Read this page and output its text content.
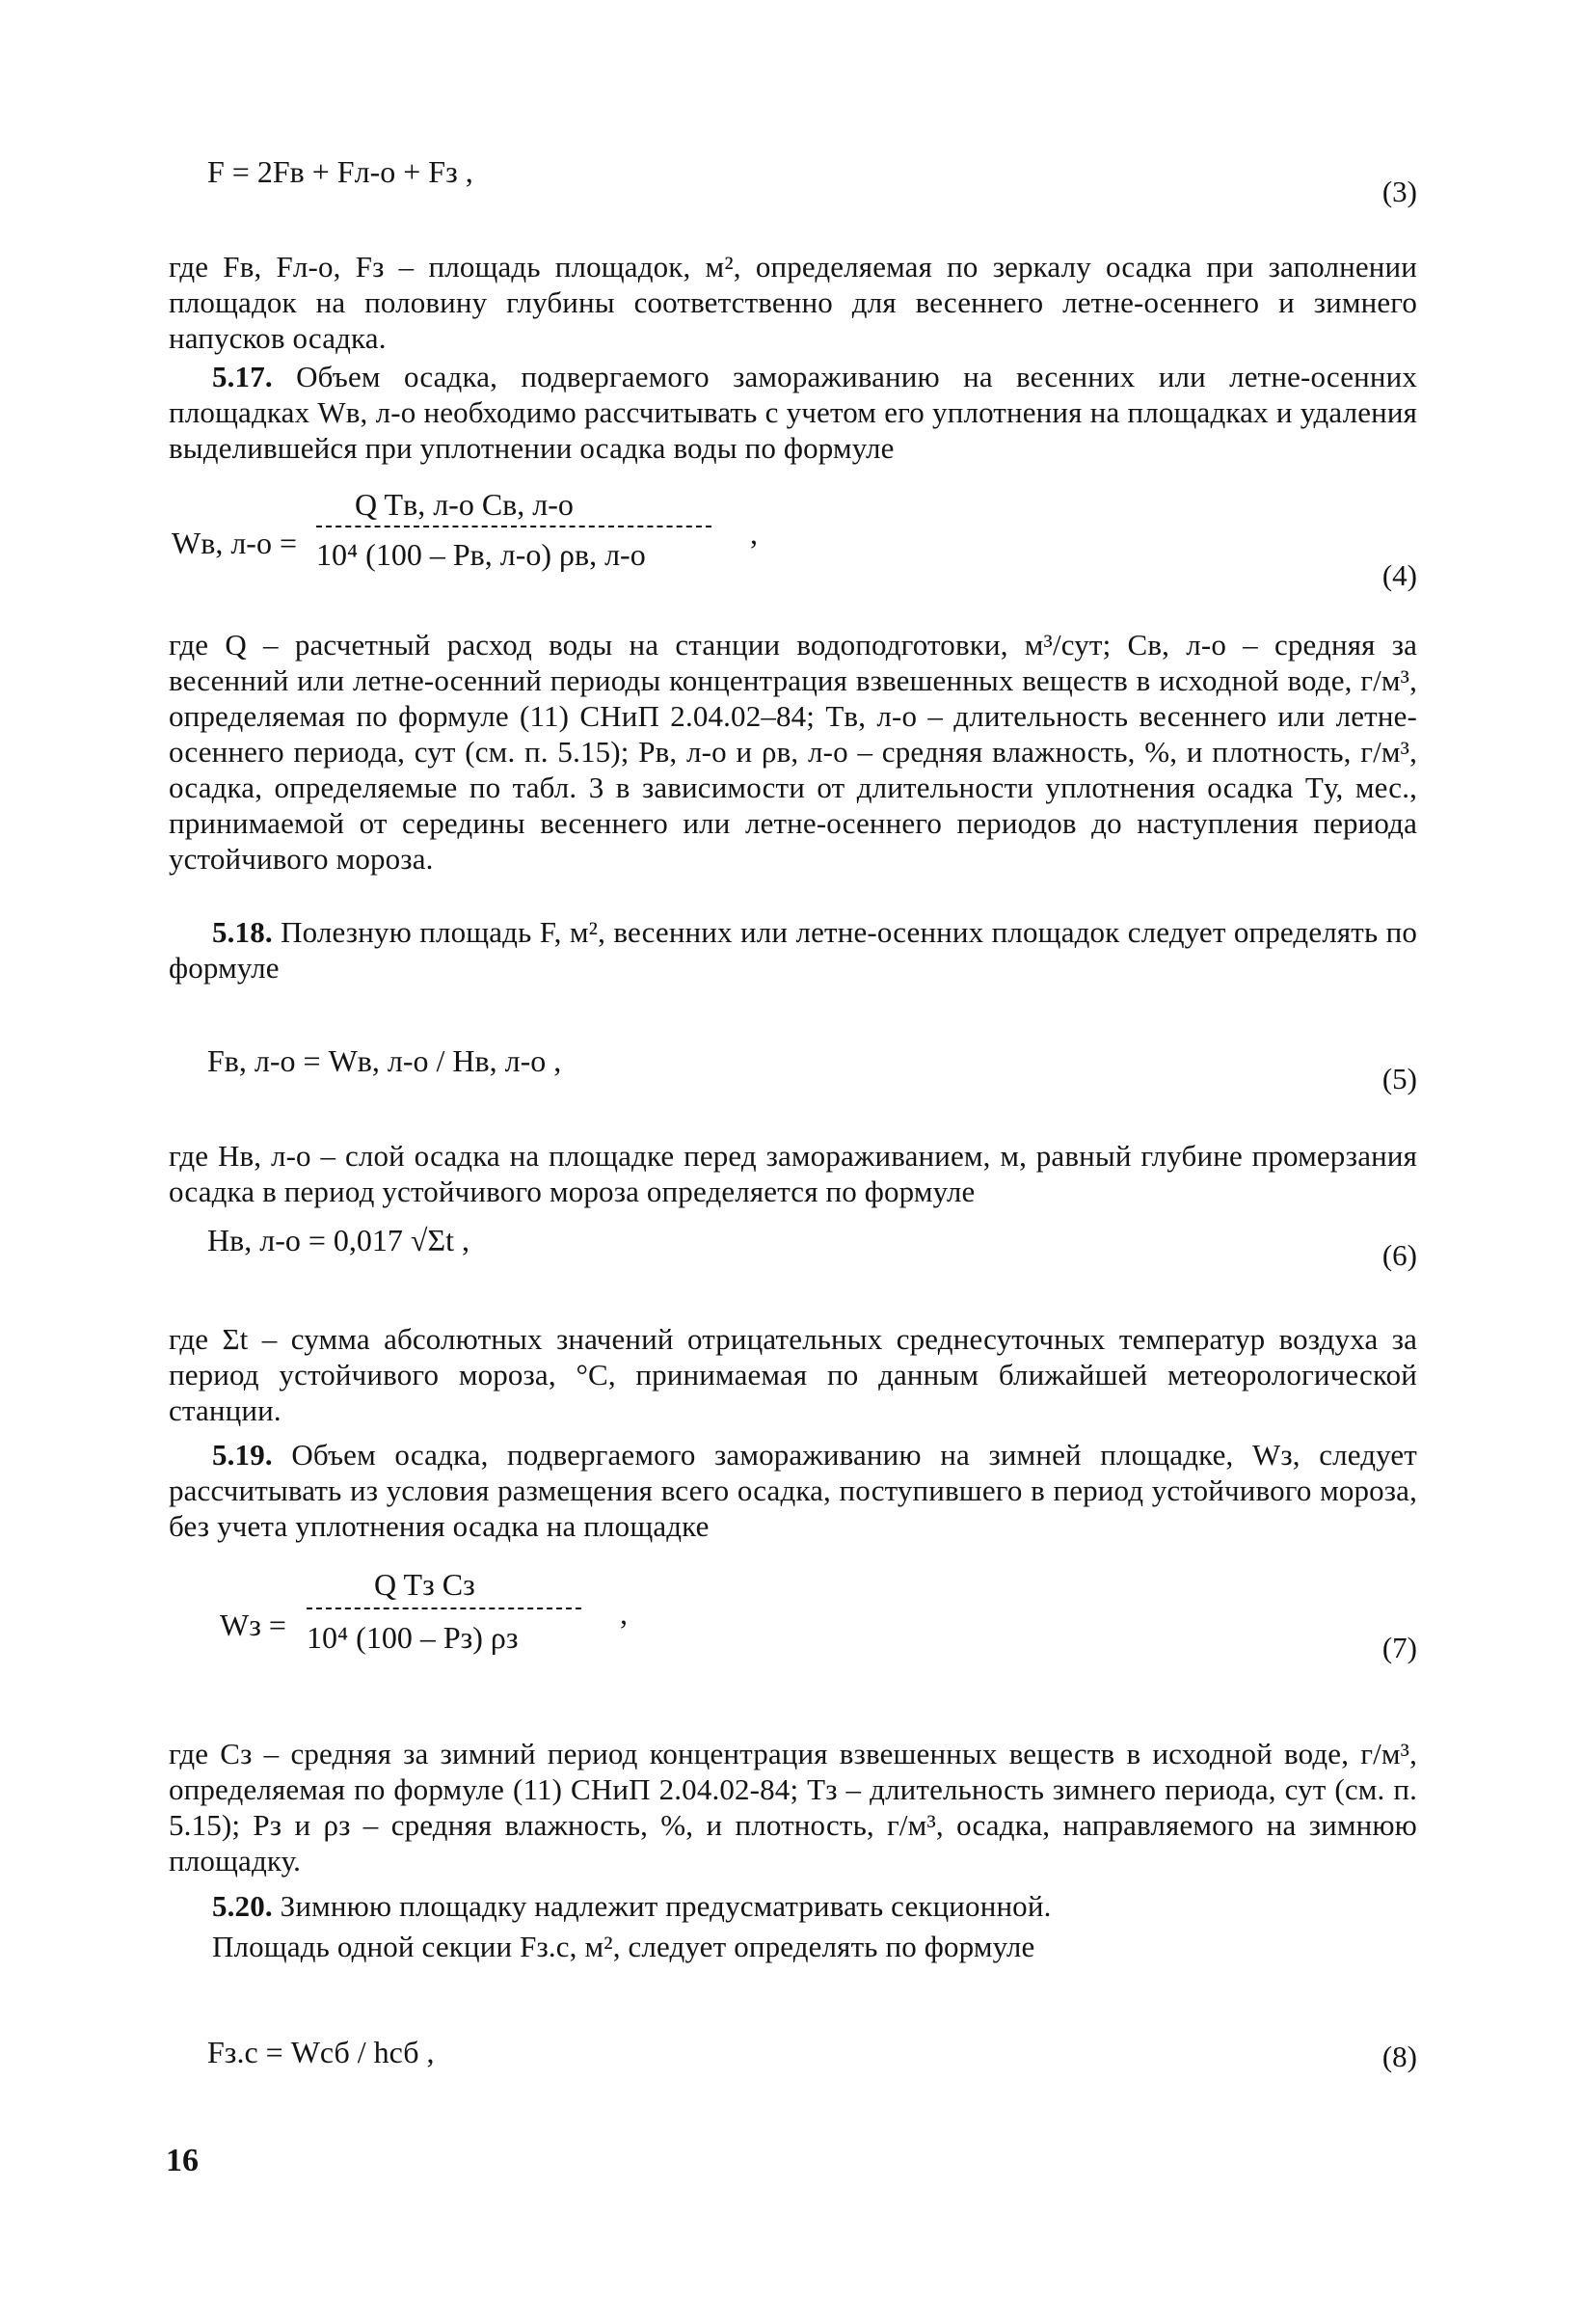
F = 2Fв + Fл-о + Fз ,
(3)

где Fв, Fл-о, Fз – площадь площадок, м², определяемая по зеркалу осадка при заполнении площадок на половину глубины соответственно для весеннего летне-осеннего и зимнего напусков осадка.

5.17. Объем осадка, подвергаемого замораживанию на весенних или летне-осенних площадках Wв, л-о необходимо рассчитывать с учетом его уплотнения на площадках и удаления выделившейся при уплотнении осадка воды по формуле

Wв, л-о =
Q Tв, л-о Cв, л-о
10⁴ (100 – Pв, л-о) ρв, л-о
,
(4)

где Q – расчетный расход воды на станции водоподготовки, м³/сут; Cв, л-о – средняя за весенний или летне-осенний периоды концентрация взвешенных веществ в исходной воде, г/м³, определяемая по формуле (11) СНиП 2.04.02–84; Tв, л-о – длительность весеннего или летне-осеннего периода, сут (см. п. 5.15); Pв, л-о и ρв, л-о – средняя влажность, %, и плотность, г/м³, осадка, определяемые по табл. 3 в зависимости от длительности уплотнения осадка Tу, мес., принимаемой от середины весеннего или летне-осеннего периодов до наступления периода устойчивого мороза.

5.18. Полезную площадь F, м², весенних или летне-осенних площадок следует определять по формуле

Fв, л-о = Wв, л-о / Hв, л-о ,
(5)

где Hв, л-о – слой осадка на площадке перед замораживанием, м, равный глубине промерзания осадка в период устойчивого мороза определяется по формуле

Hв, л-о = 0,017 √Σt ,	(6)

где Σt – сумма абсолютных значений отрицательных среднесуточных температур воздуха за период устойчивого мороза, °C, принимаемая по данным ближайшей метеорологической станции.

5.19. Объем осадка, подвергаемого замораживанию на зимней площадке, Wз, следует рассчитывать из условия размещения всего осадка, поступившего в период устойчивого мороза, без учета уплотнения осадка на площадке

Wз =
Q Tз Cз
10⁴ (100 – Pз) ρз
,
(7)

где Cз – средняя за зимний период концентрация взвешенных веществ в исходной воде, г/м³, определяемая по формуле (11) СНиП 2.04.02-84; Tз – длительность зимнего периода, сут (см. п. 5.15); Pз и ρз – средняя влажность, %, и плотность, г/м³, осадка, направляемого на зимнюю площадку.

5.20. Зимнюю площадку надлежит предусматривать секционной.

Площадь одной секции Fз.с, м², следует определять по формуле

Fз.с = Wсб / hсб ,	(8)
16
